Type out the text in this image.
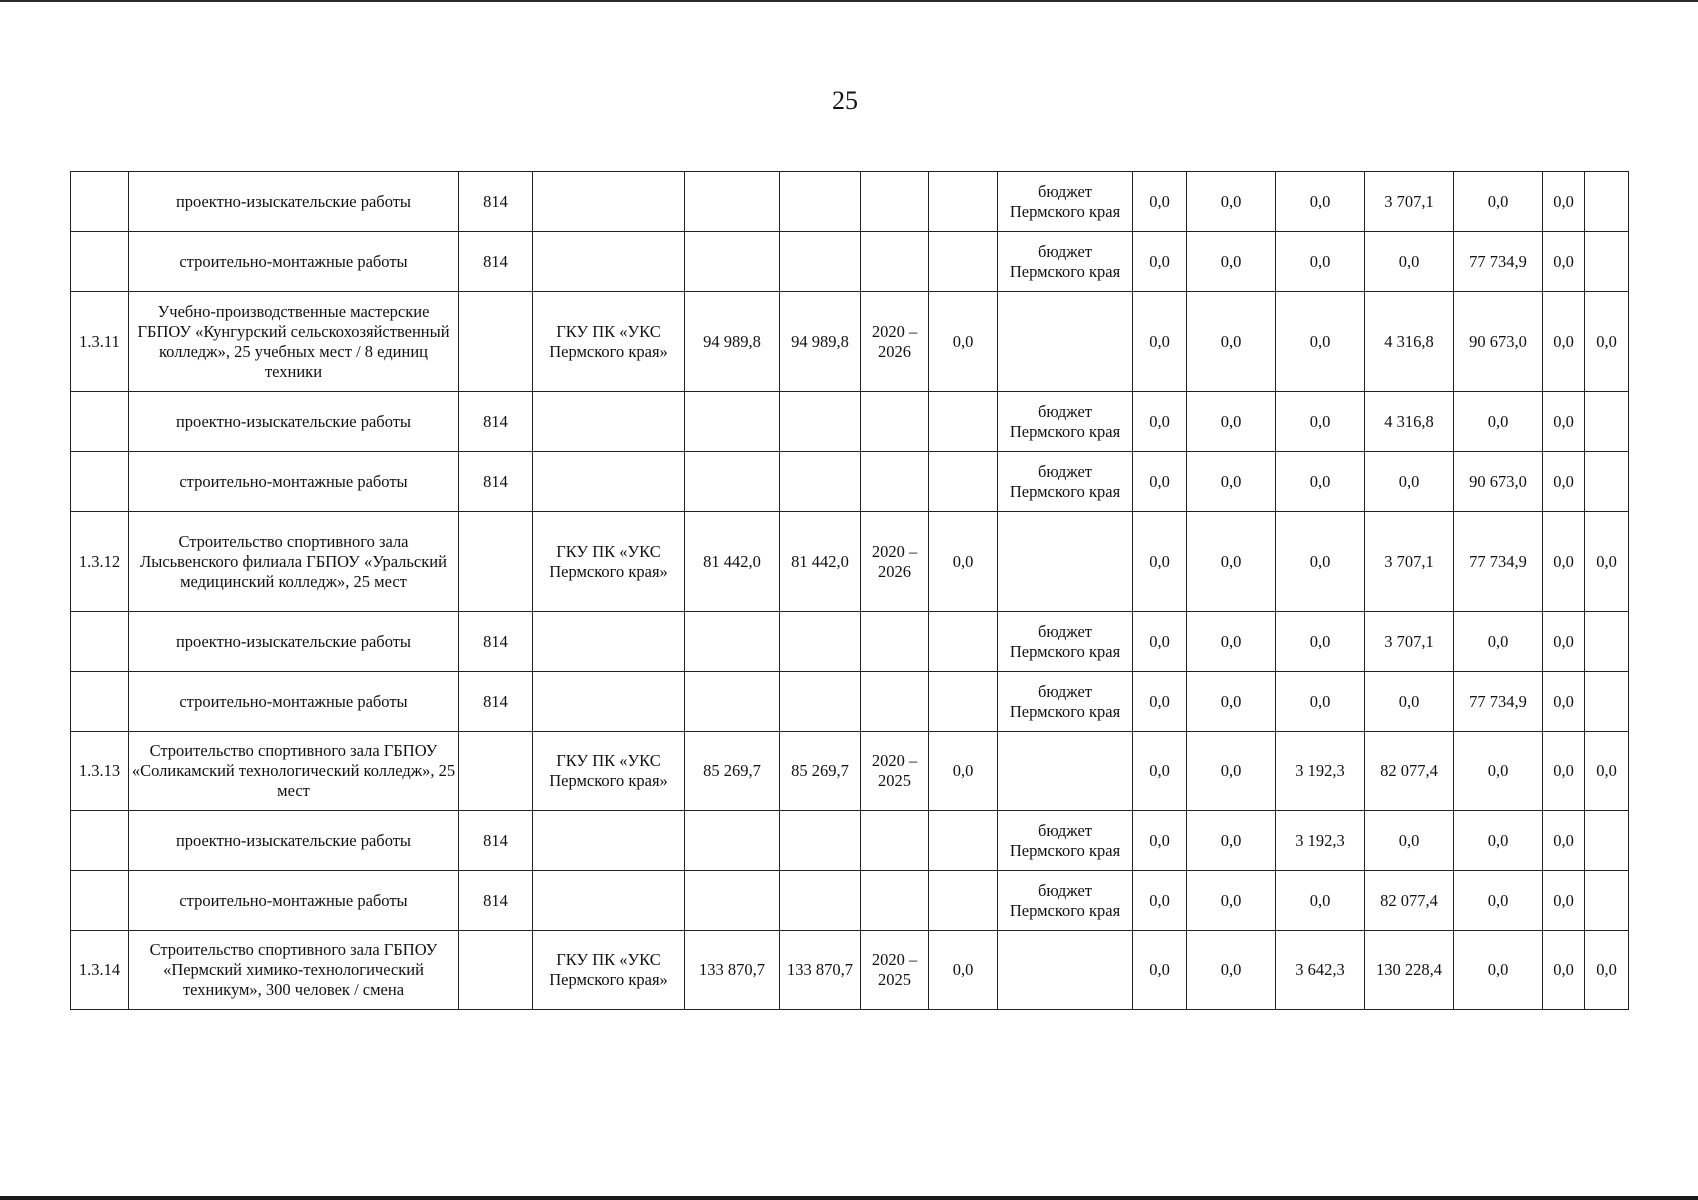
25
	проектно-изыскательские работы	814						бюджет Пермского края	0,0	0,0	0,0	3 707,1	0,0	0,0	
	строительно-монтажные работы	814						бюджет Пермского края	0,0	0,0	0,0	0,0	77 734,9	0,0	
1.3.11	Учебно-производственные мастерские ГБПОУ «Кунгурский сельскохозяйственный колледж», 25 учебных мест / 8 единиц техники		ГКУ ПК «УКС Пермского края»	94 989,8	94 989,8	2020 – 2026	0,0		0,0	0,0	0,0	4 316,8	90 673,0	0,0	0,0
	проектно-изыскательские работы	814						бюджет Пермского края	0,0	0,0	0,0	4 316,8	0,0	0,0	
	строительно-монтажные работы	814						бюджет Пермского края	0,0	0,0	0,0	0,0	90 673,0	0,0	
1.3.12	Строительство спортивного зала Лысьвенского филиала ГБПОУ «Уральский медицинский колледж», 25 мест		ГКУ ПК «УКС Пермского края»	81 442,0	81 442,0	2020 – 2026	0,0		0,0	0,0	0,0	3 707,1	77 734,9	0,0	0,0
	проектно-изыскательские работы	814						бюджет Пермского края	0,0	0,0	0,0	3 707,1	0,0	0,0	
	строительно-монтажные работы	814						бюджет Пермского края	0,0	0,0	0,0	0,0	77 734,9	0,0	
1.3.13	Строительство спортивного зала ГБПОУ «Соликамский технологический колледж», 25 мест		ГКУ ПК «УКС Пермского края»	85 269,7	85 269,7	2020 – 2025	0,0		0,0	0,0	3 192,3	82 077,4	0,0	0,0	0,0
	проектно-изыскательские работы	814						бюджет Пермского края	0,0	0,0	3 192,3	0,0	0,0	0,0	
	строительно-монтажные работы	814						бюджет Пермского края	0,0	0,0	0,0	82 077,4	0,0	0,0	
1.3.14	Строительство спортивного зала ГБПОУ «Пермский химико-технологический техникум», 300 человек / смена		ГКУ ПК «УКС Пермского края»	133 870,7	133 870,7	2020 – 2025	0,0		0,0	0,0	3 642,3	130 228,4	0,0	0,0	0,0
